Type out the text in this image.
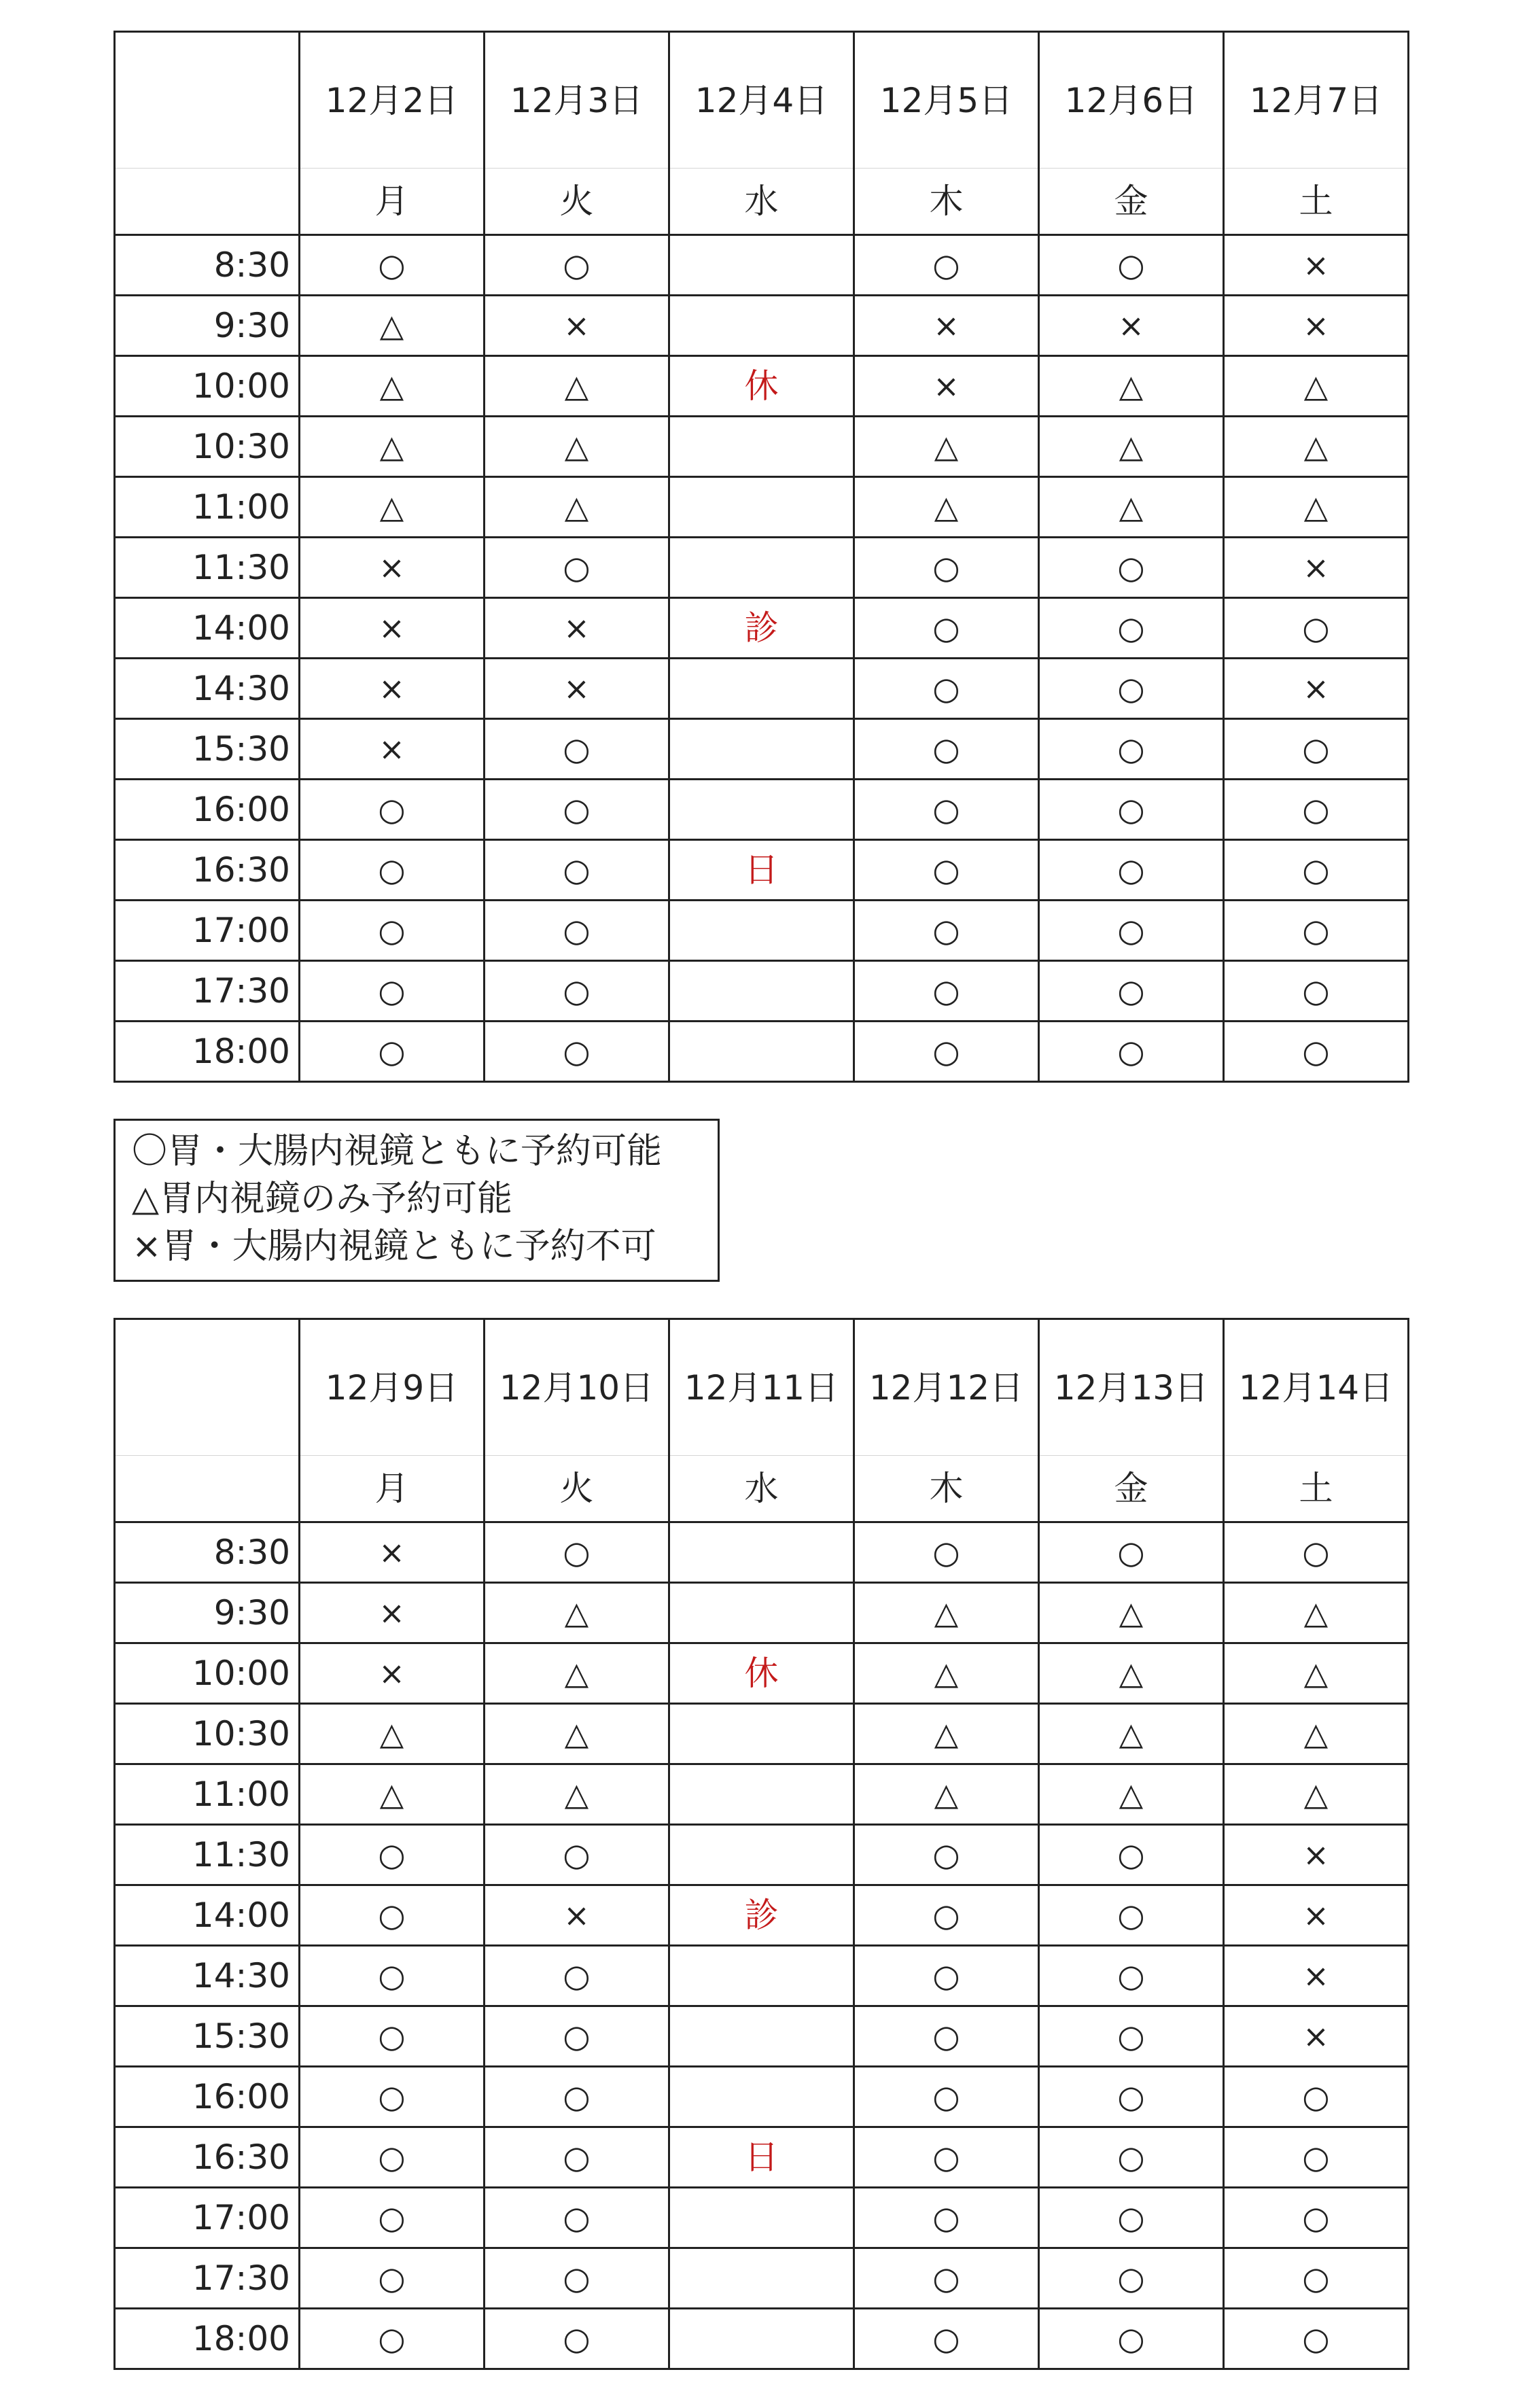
	12月2日	12月3日	12月4日	12月5日	12月6日	12月7日
	月	火	水	木	金	土
8:30	○	○		○	○	×
9:30	△	×		×	×	×
10:00	△	△	休	×	△	△
10:30	△	△		△	△	△
11:00	△	△		△	△	△
11:30	×	○		○	○	×
14:00	×	×	診	○	○	○
14:30	×	×		○	○	×
15:30	×	○		○	○	○
16:00	○	○		○	○	○
16:30	○	○	日	○	○	○
17:00	○	○		○	○	○
17:30	○	○		○	○	○
18:00	○	○		○	○	○
〇胃・大腸内視鏡ともに予約可能
△胃内視鏡のみ予約可能
×胃・大腸内視鏡ともに予約不可
	12月9日	12月10日	12月11日	12月12日	12月13日	12月14日
	月	火	水	木	金	土
8:30	×	○		○	○	○
9:30	×	△		△	△	△
10:00	×	△	休	△	△	△
10:30	△	△		△	△	△
11:00	△	△		△	△	△
11:30	○	○		○	○	×
14:00	○	×	診	○	○	×
14:30	○	○		○	○	×
15:30	○	○		○	○	×
16:00	○	○		○	○	○
16:30	○	○	日	○	○	○
17:00	○	○		○	○	○
17:30	○	○		○	○	○
18:00	○	○		○	○	○
